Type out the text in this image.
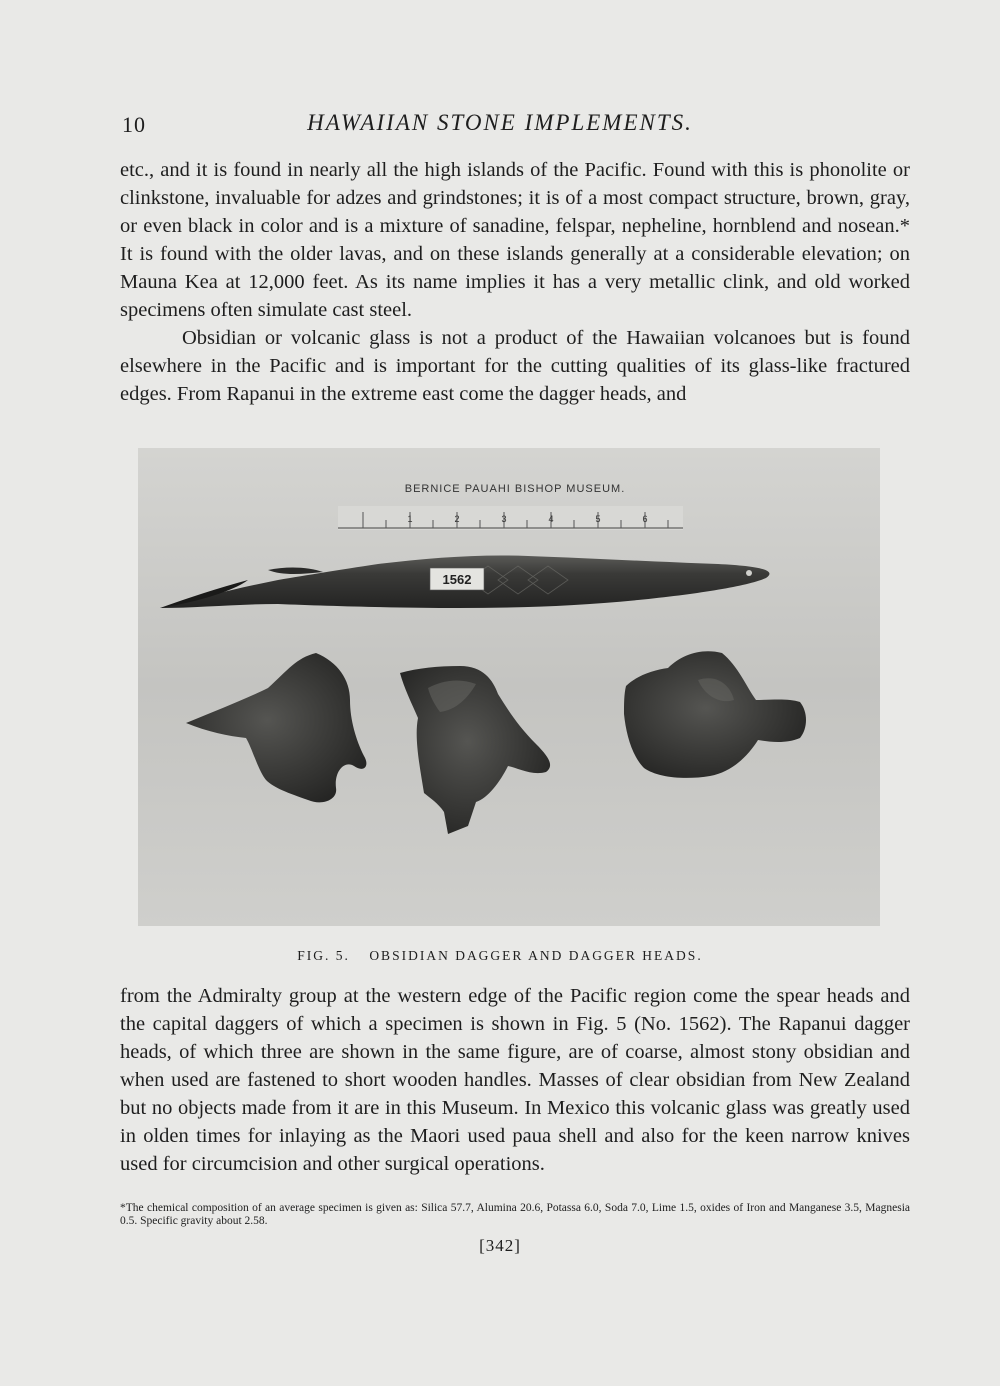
10	HAWAIIAN STONE IMPLEMENTS.

etc., and it is found in nearly all the high islands of the Pacific. Found with this is phonolite or clinkstone, invaluable for adzes and grindstones; it is of a most compact structure, brown, gray, or even black in color and is a mixture of sanadine, felspar, nepheline, hornblend and nosean.* It is found with the older lavas, and on these islands generally at a considerable elevation; on Mauna Kea at 12,000 feet. As its name implies it has a very metallic clink, and old worked specimens often simulate cast steel.

Obsidian or volcanic glass is not a product of the Hawaiian volcanoes but is found elsewhere in the Pacific and is important for the cutting qualities of its glass-like fractured edges. From Rapanui in the extreme east come the dagger heads, and

BERNICE PAUAHI BISHOP MUSEUM.
1	2	3	4	5	6
1562
FIG. 5. OBSIDIAN DAGGER AND DAGGER HEADS.

from the Admiralty group at the western edge of the Pacific region come the spear heads and the capital daggers of which a specimen is shown in Fig. 5 (No. 1562). The Rapanui dagger heads, of which three are shown in the same figure, are of coarse, almost stony obsidian and when used are fastened to short wooden handles. Masses of clear obsidian from New Zealand but no objects made from it are in this Museum. In Mexico this volcanic glass was greatly used in olden times for inlaying as the Maori used paua shell and also for the keen narrow knives used for circumcision and other surgical operations.

*The chemical composition of an average specimen is given as: Silica 57.7, Alumina 20.6, Potassa 6.0, Soda 7.0, Lime 1.5, oxides of Iron and Manganese 3.5, Magnesia 0.5. Specific gravity about 2.58.
[342]
